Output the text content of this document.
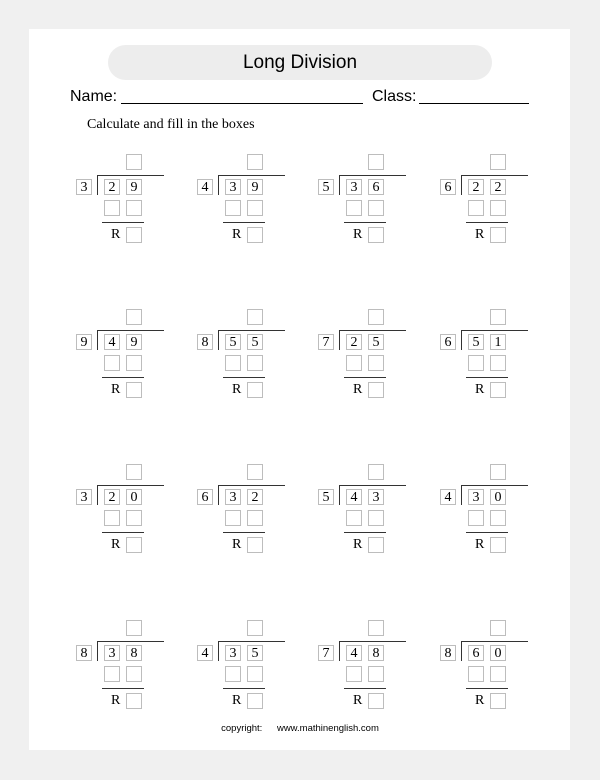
Long Division
Name:	Class:
Calculate and fill in the boxes
3	2	9
R
4	3	9
R
5	3	6
R
6	2	2
R
9	4	9
R
8	5	5
R
7	2	5
R
6	5	1
R
3	2	0
R
6	3	2
R
5	4	3
R
4	3	0
R
8	3	8
R
4	3	5
R
7	4	8
R
8	6	0
R
copyright: www.mathinenglish.com
